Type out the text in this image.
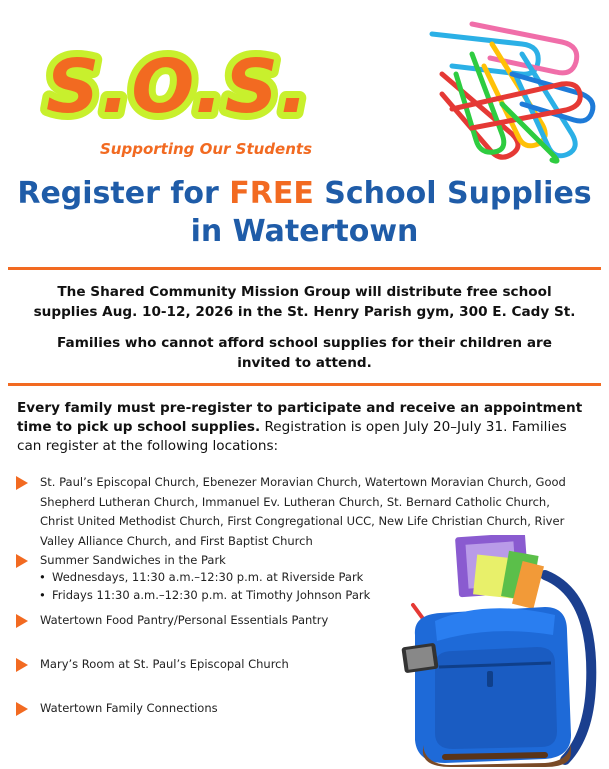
S.O.S.
Supporting Our Students
Register for FREE School Supplies
in Watertown
The Shared Community Mission Group will distribute free school supplies Aug. 10-12, 2026 in the St. Henry Parish gym, 300 E. Cady St.
Families who cannot afford school supplies for their children are invited to attend.
Every family must pre-register to participate and receive an appointment time to pick up school supplies. Registration is open July 20–July 31. Families can register at the following locations:
St. Paul’s Episcopal Church, Ebenezer Moravian Church, Watertown Moravian Church, Good Shepherd Lutheran Church, Immanuel Ev. Lutheran Church, St. Bernard Catholic Church, Christ United Methodist Church, First Congregational UCC, New Life Christian Church, River Valley Alliance Church, and First Baptist Church
Summer Sandwiches in the Park
• Wednesdays, 11:30 a.m.–12:30 p.m. at Riverside Park
• Fridays 11:30 a.m.–12:30 p.m. at Timothy Johnson Park
Watertown Food Pantry/Personal Essentials Pantry
Mary’s Room at St. Paul’s Episcopal Church
Watertown Family Connections
